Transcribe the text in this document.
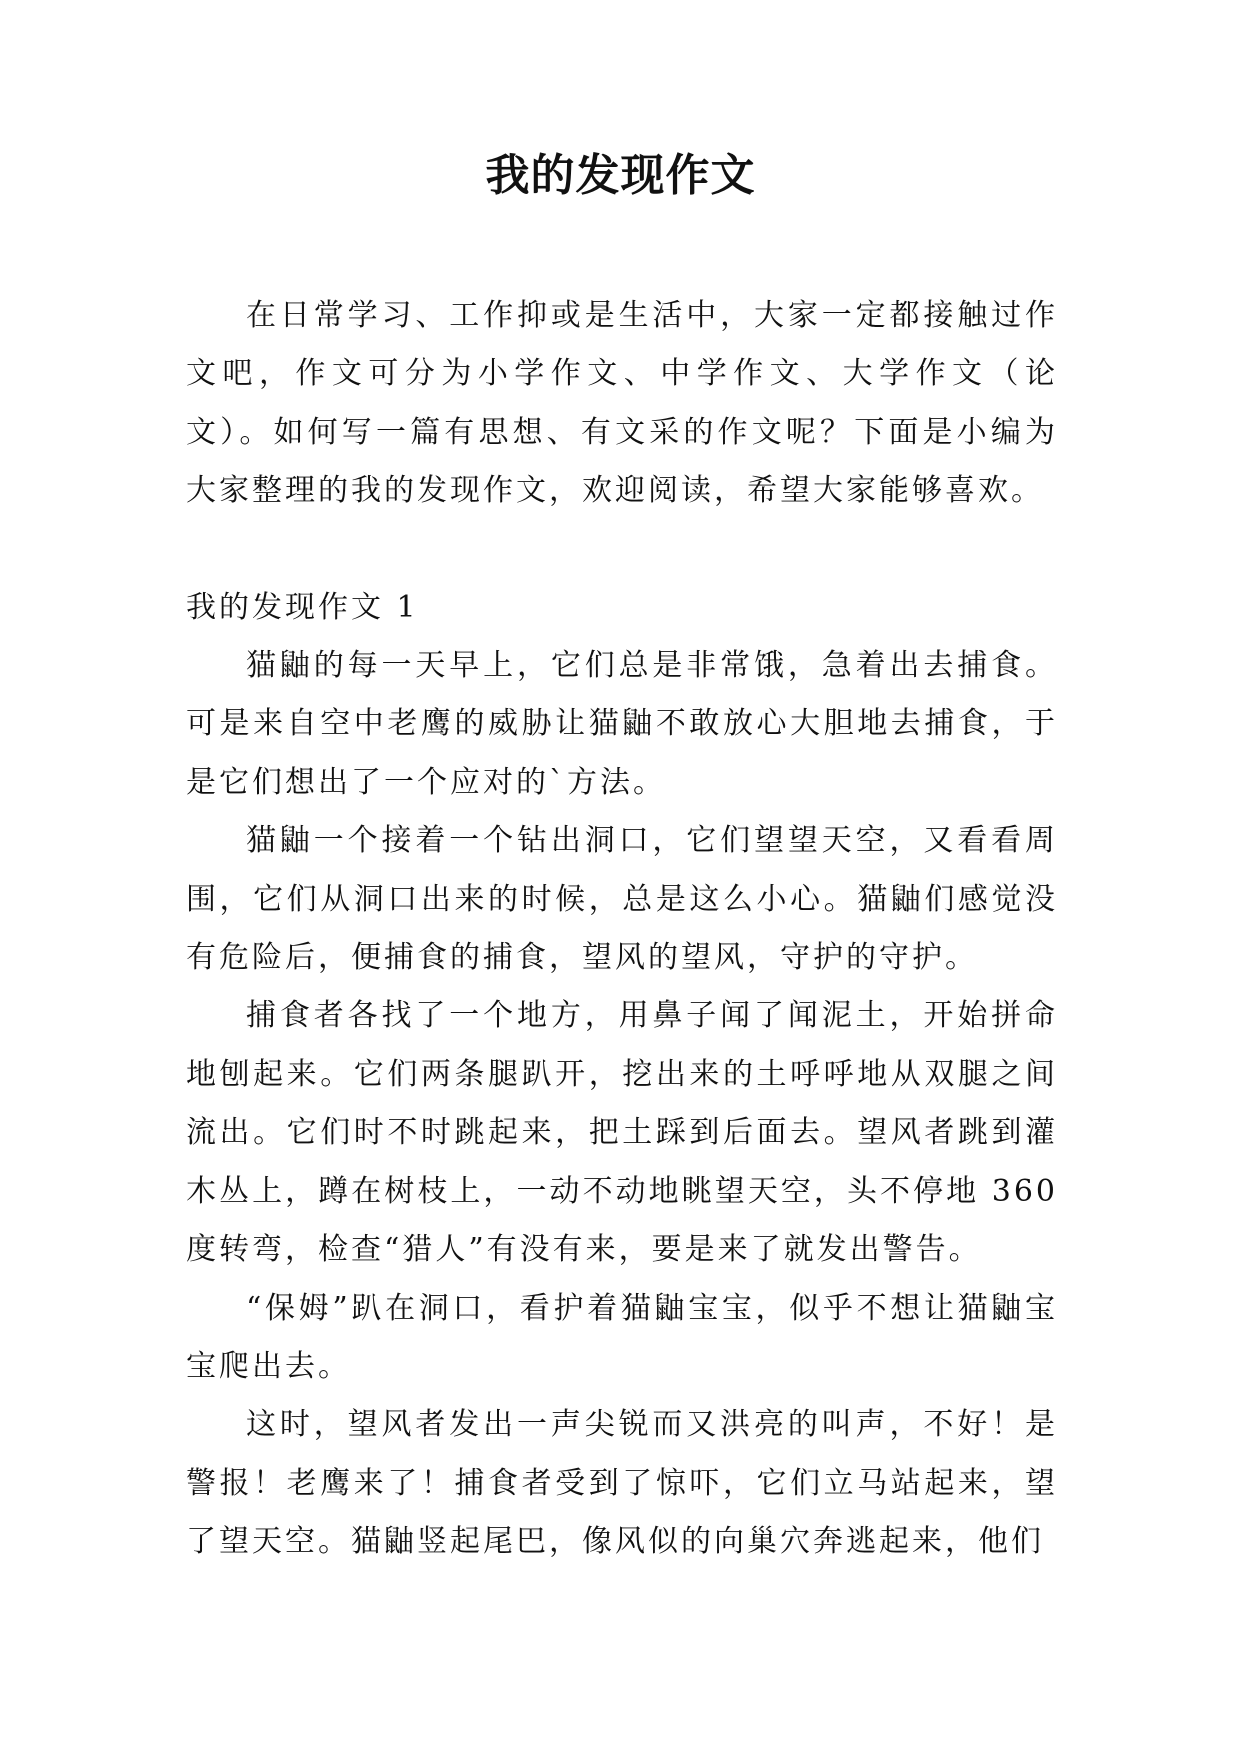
我的发现作文

在日常学习、工作抑或是生活中，大家一定都接触过作文吧，作文可分为小学作文、中学作文、大学作文（论文）。如何写一篇有思想、有文采的作文呢？下面是小编为大家整理的我的发现作文，欢迎阅读，希望大家能够喜欢。

我的发现作文 1

猫鼬的每一天早上，它们总是非常饿，急着出去捕食。可是来自空中老鹰的威胁让猫鼬不敢放心大胆地去捕食，于是它们想出了一个应对的`方法。

猫鼬一个接着一个钻出洞口，它们望望天空，又看看周围，它们从洞口出来的时候，总是这么小心。猫鼬们感觉没有危险后，便捕食的捕食，望风的望风，守护的守护。

捕食者各找了一个地方，用鼻子闻了闻泥土，开始拼命地刨起来。它们两条腿趴开，挖出来的土呼呼地从双腿之间流出。它们时不时跳起来，把土踩到后面去。望风者跳到灌木丛上，蹲在树枝上，一动不动地眺望天空，头不停地 360 度转弯，检查“猎人”有没有来，要是来了就发出警告。

“保姆”趴在洞口，看护着猫鼬宝宝，似乎不想让猫鼬宝宝爬出去。

这时，望风者发出一声尖锐而又洪亮的叫声，不好！是警报！老鹰来了！捕食者受到了惊吓，它们立马站起来，望了望天空。猫鼬竖起尾巴，像风似的向巢穴奔逃起来，他们
